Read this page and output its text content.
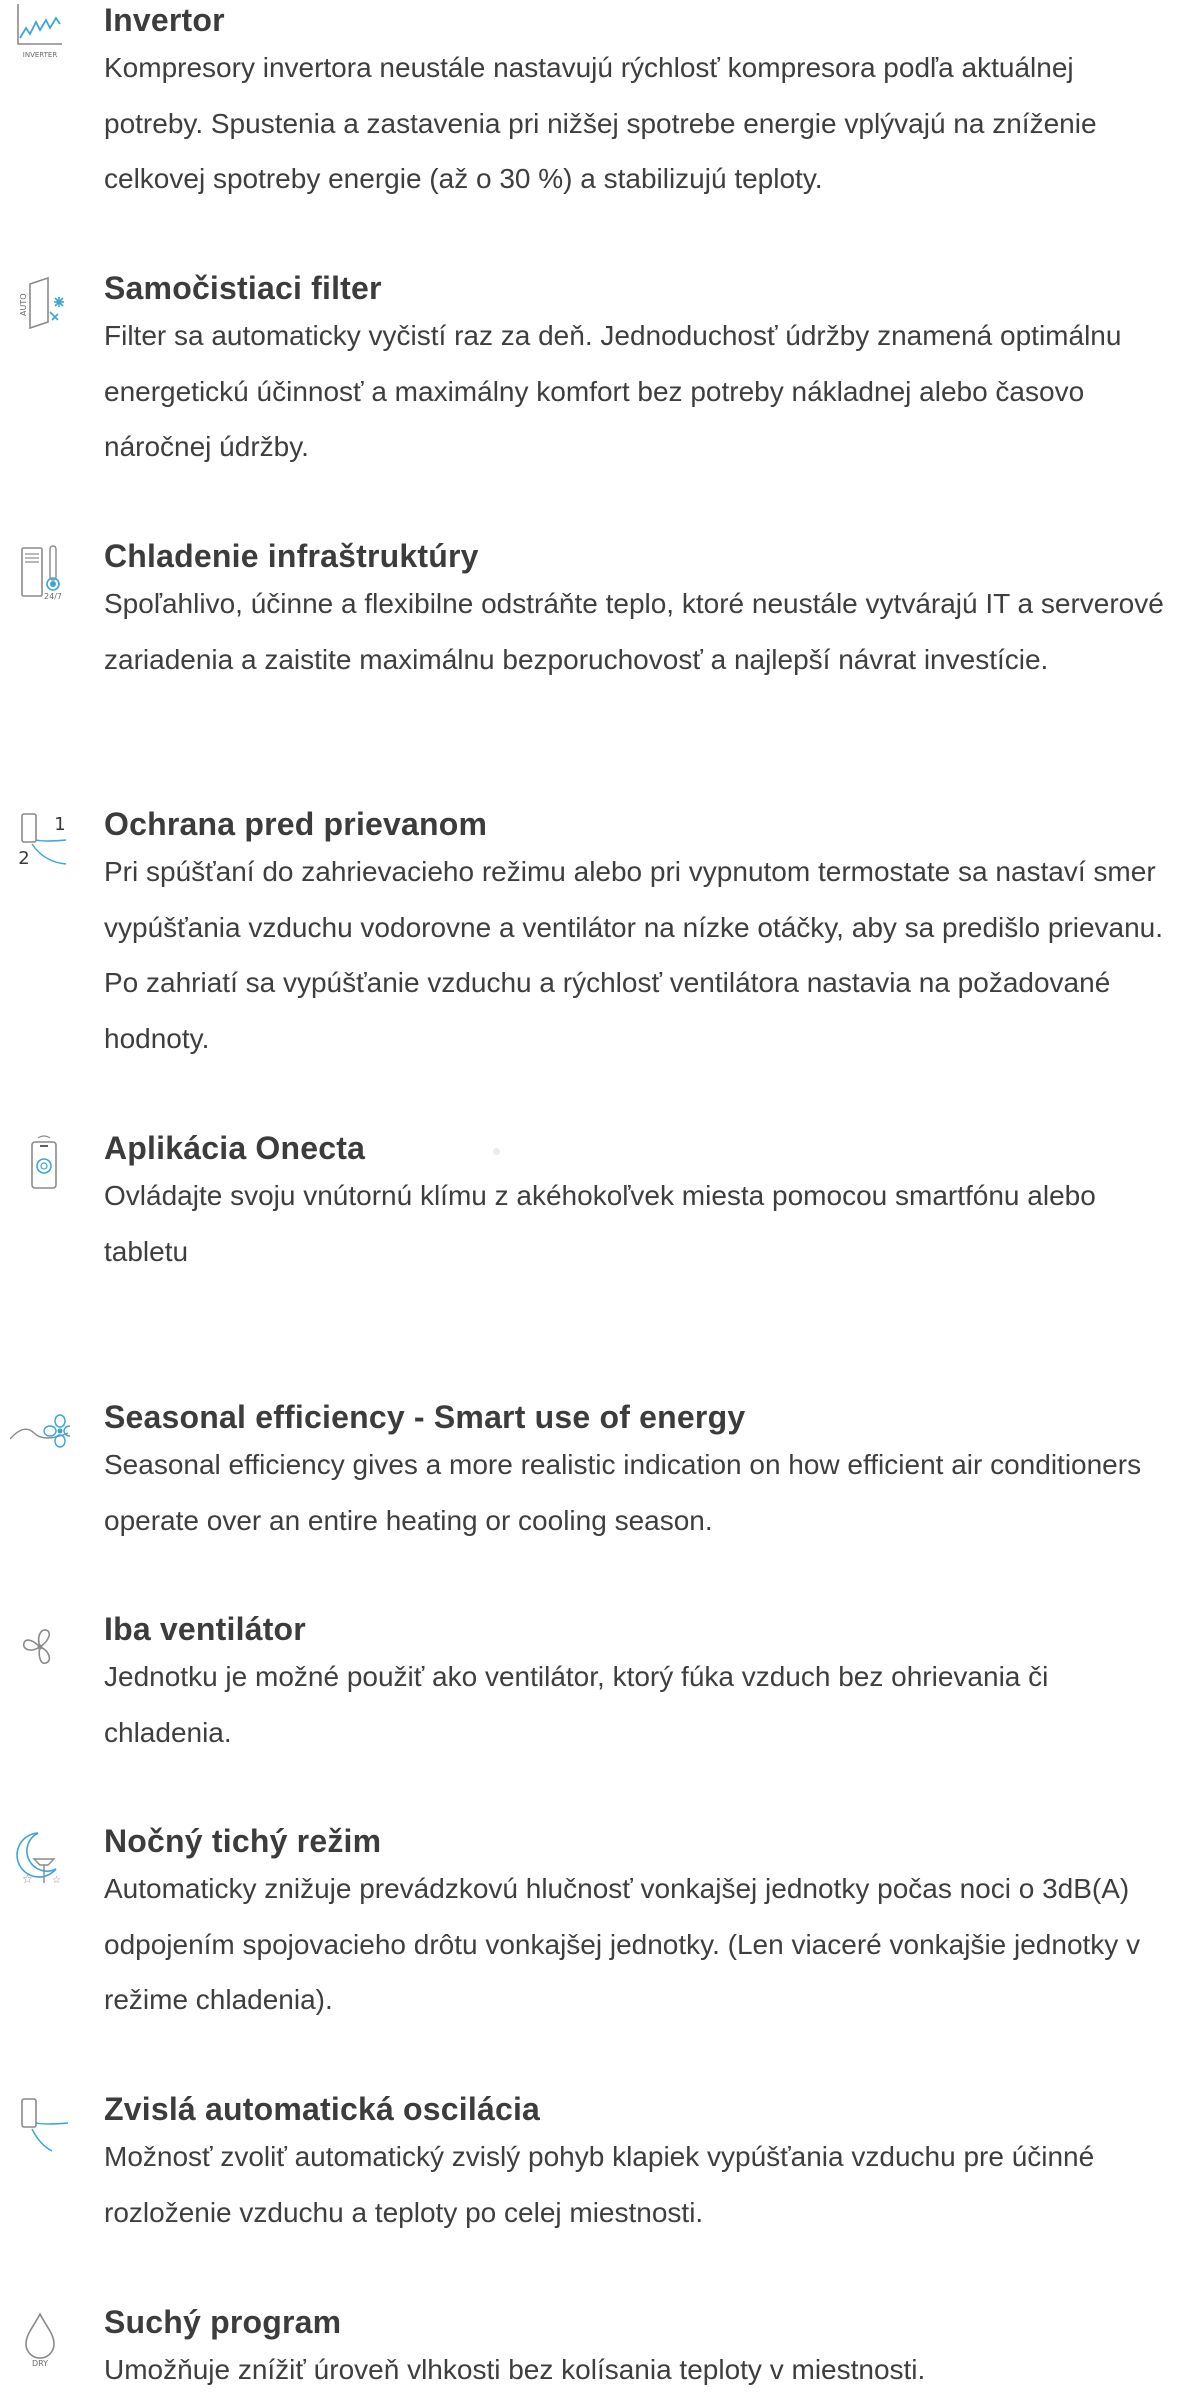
INVERTER
Invertor

Kompresory invertora neustále nastavujú rýchlosť kompresora podľa aktuálnej potreby. Spustenia a zastavenia pri nižšej spotrebe energie vplývajú na zníženie celkovej spotreby energie (až o 30 %) a stabilizujú teploty.

AUTO Samočistiaci filter

Filter sa automaticky vyčistí raz za deň. Jednoduchosť údržby znamená optimálnu energetickú účinnosť a maximálny komfort bez potreby nákladnej alebo časovo náročnej údržby.

24/7
Chladenie infraštruktúry

Spoľahlivo, účinne a flexibilne odstráňte teplo, ktoré neustále vytvárajú IT a serverové zariadenia a zaistite maximálnu bezporuchovosť a najlepší návrat investície.

1
2
Ochrana pred prievanom

Pri spúšťaní do zahrievacieho režimu alebo pri vypnutom termostate sa nastaví smer vypúšťania vzduchu vodorovne a ventilátor na nízke otáčky, aby sa predišlo prievanu. Po zahriatí sa vypúšťanie vzduchu a rýchlosť ventilátora nastavia na požadované hodnoty.

Aplikácia Onecta

Ovládajte svoju vnútornú klímu z akéhokoľvek miesta pomocou smartfónu alebo tabletu

Seasonal efficiency - Smart use of energy

Seasonal efficiency gives a more realistic indication on how efficient air conditioners operate over an entire heating or cooling season.

Iba ventilátor

Jednotku je možné použiť ako ventilátor, ktorý fúka vzduch bez ohrievania či chladenia.

☆ ☆
Nočný tichý režim

Automaticky znižuje prevádzkovú hlučnosť vonkajšej jednotky počas noci o 3dB(A) odpojením spojovacieho drôtu vonkajšej jednotky. (Len viaceré vonkajšie jednotky v režime chladenia).

Zvislá automatická oscilácia

Možnosť zvoliť automatický zvislý pohyb klapiek vypúšťania vzduchu pre účinné rozloženie vzduchu a teploty po celej miestnosti.

DRY
Suchý program

Umožňuje znížiť úroveň vlhkosti bez kolísania teploty v miestnosti.
